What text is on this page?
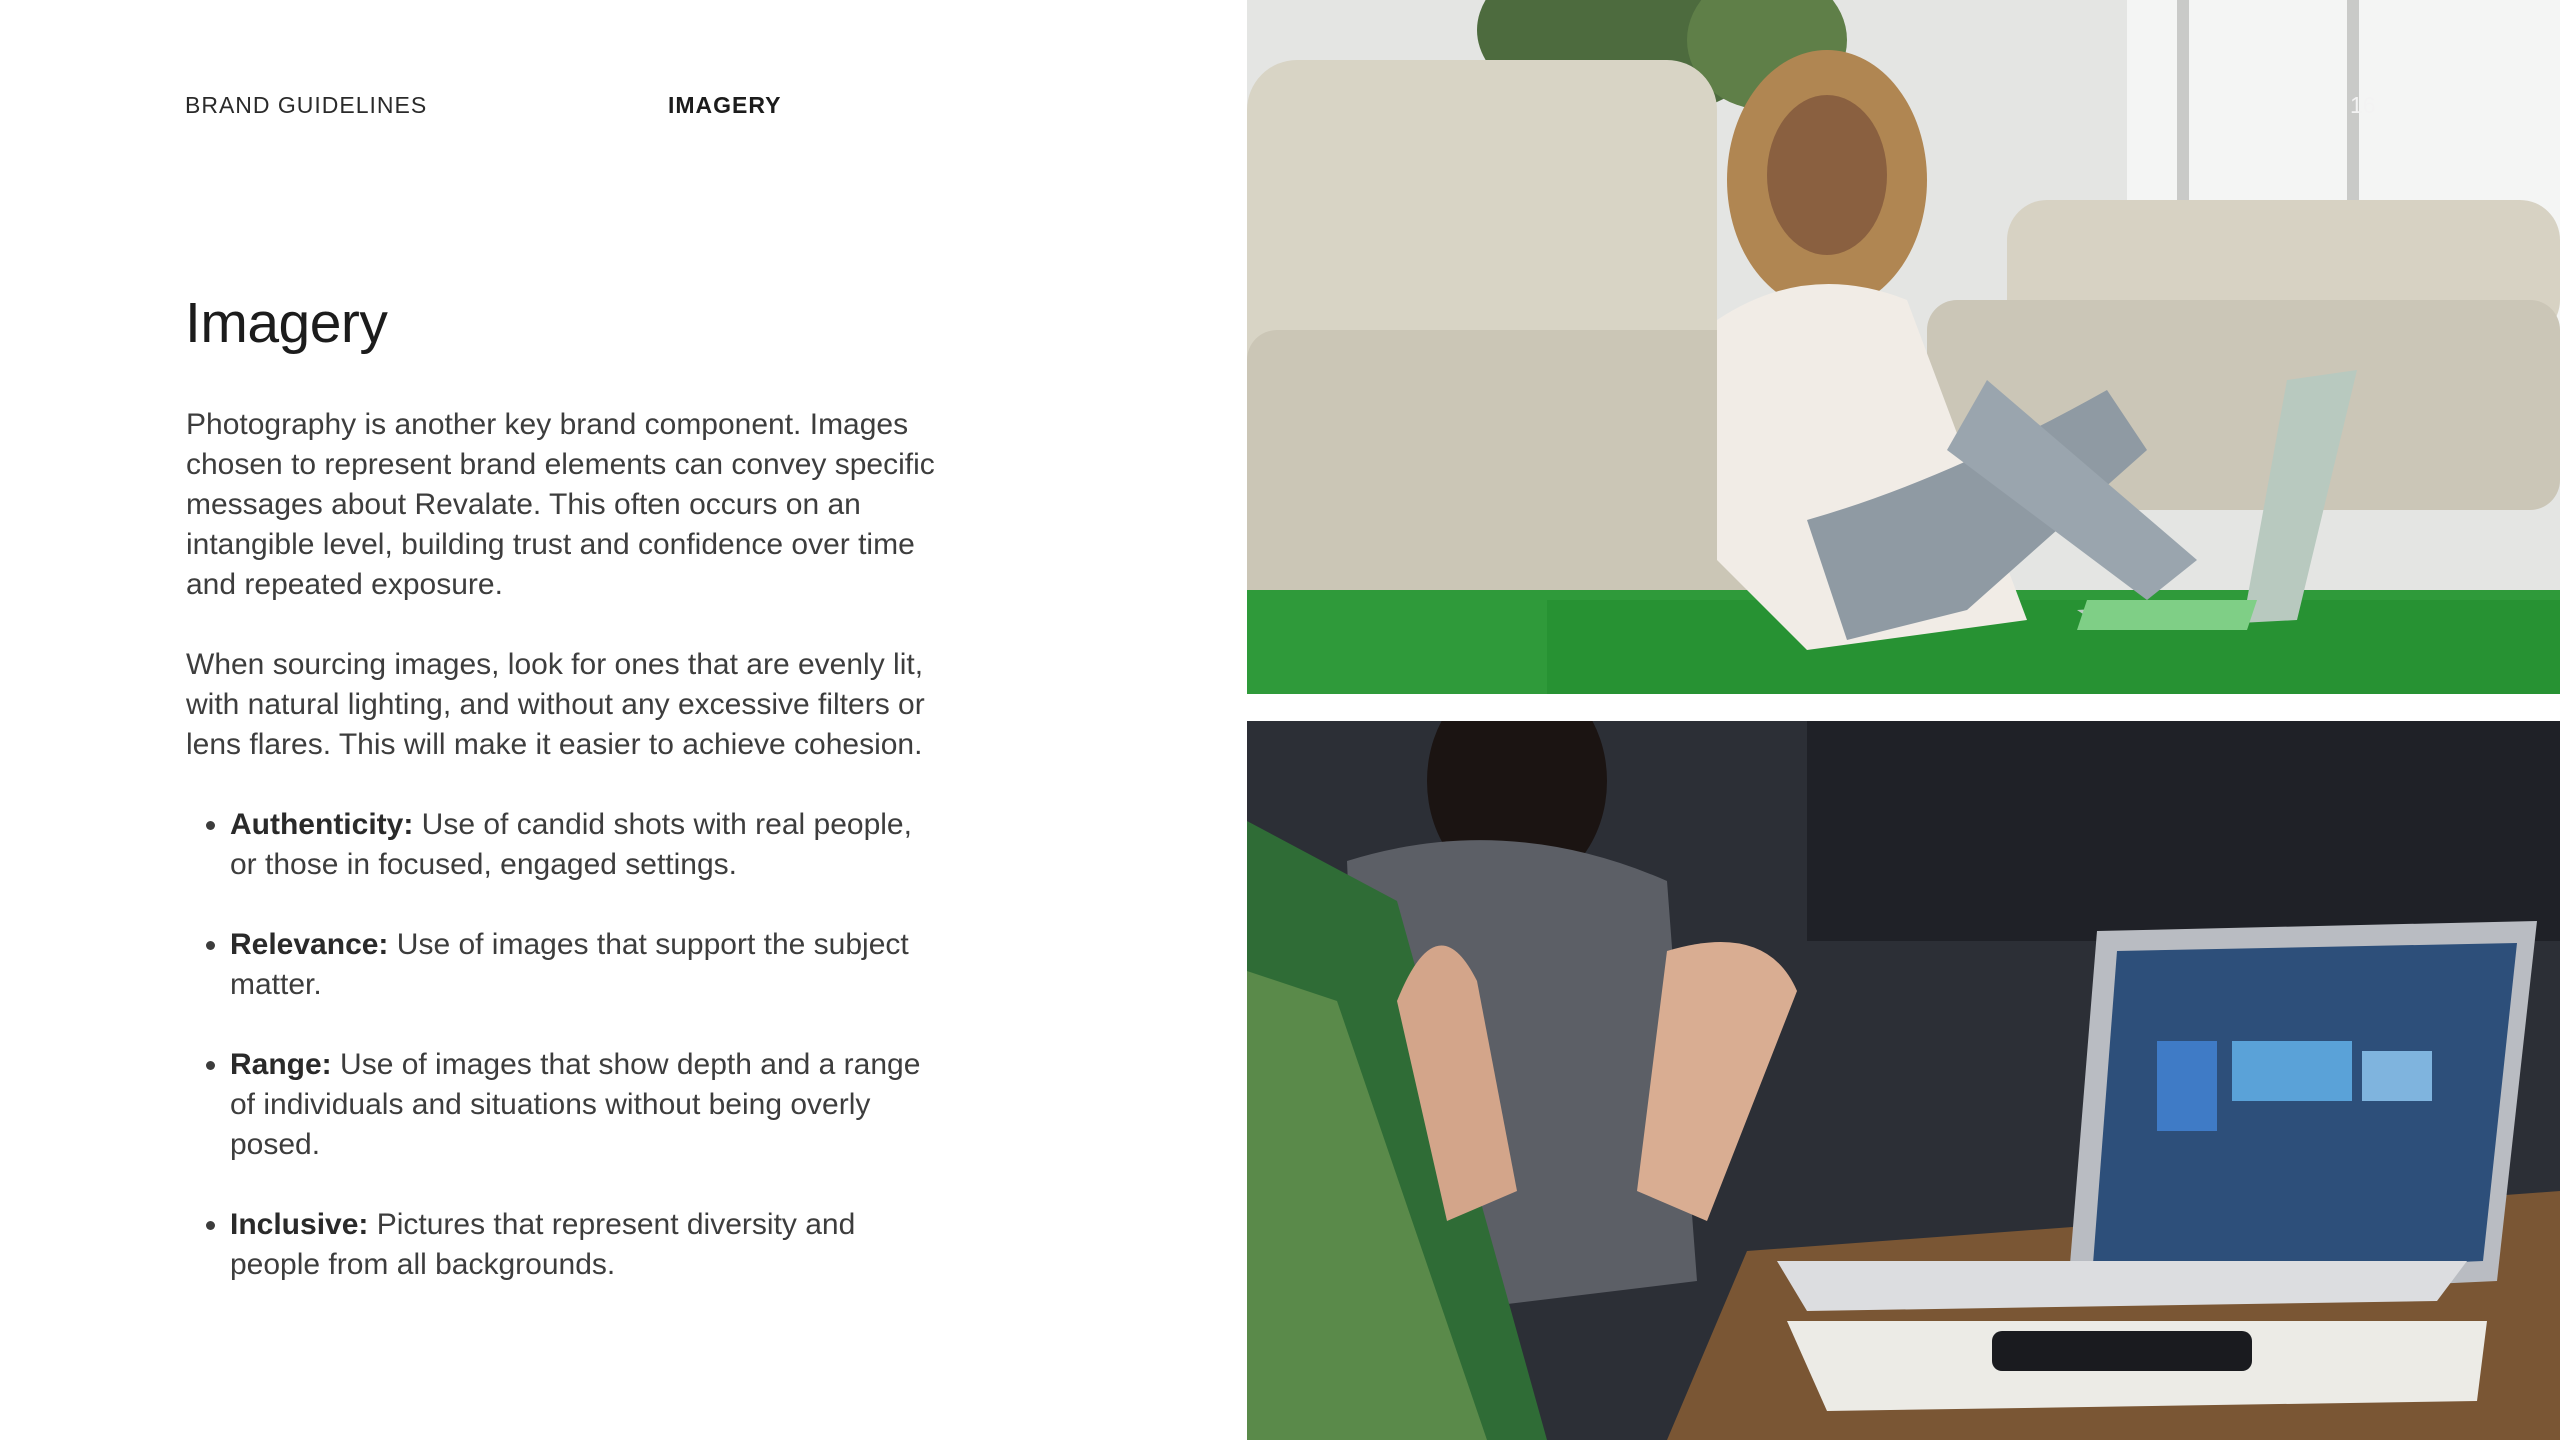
BRAND GUIDELINES	IMAGERY	16
Imagery

Photography is another key brand component. Images chosen to represent brand elements can convey specific messages about Revalate. This often occurs on an intangible level, building trust and confidence over time and repeated exposure.

When sourcing images, look for ones that are evenly lit, with natural lighting, and without any excessive filters or lens flares. This will make it easier to achieve cohesion.

• Authenticity: Use of candid shots with real people, or those in focused, engaged settings.
• Relevance: Use of images that support the subject matter.
• Range: Use of images that show depth and a range of individuals and situations without being overly posed.
• Inclusive: Pictures that represent diversity and people from all backgrounds.
